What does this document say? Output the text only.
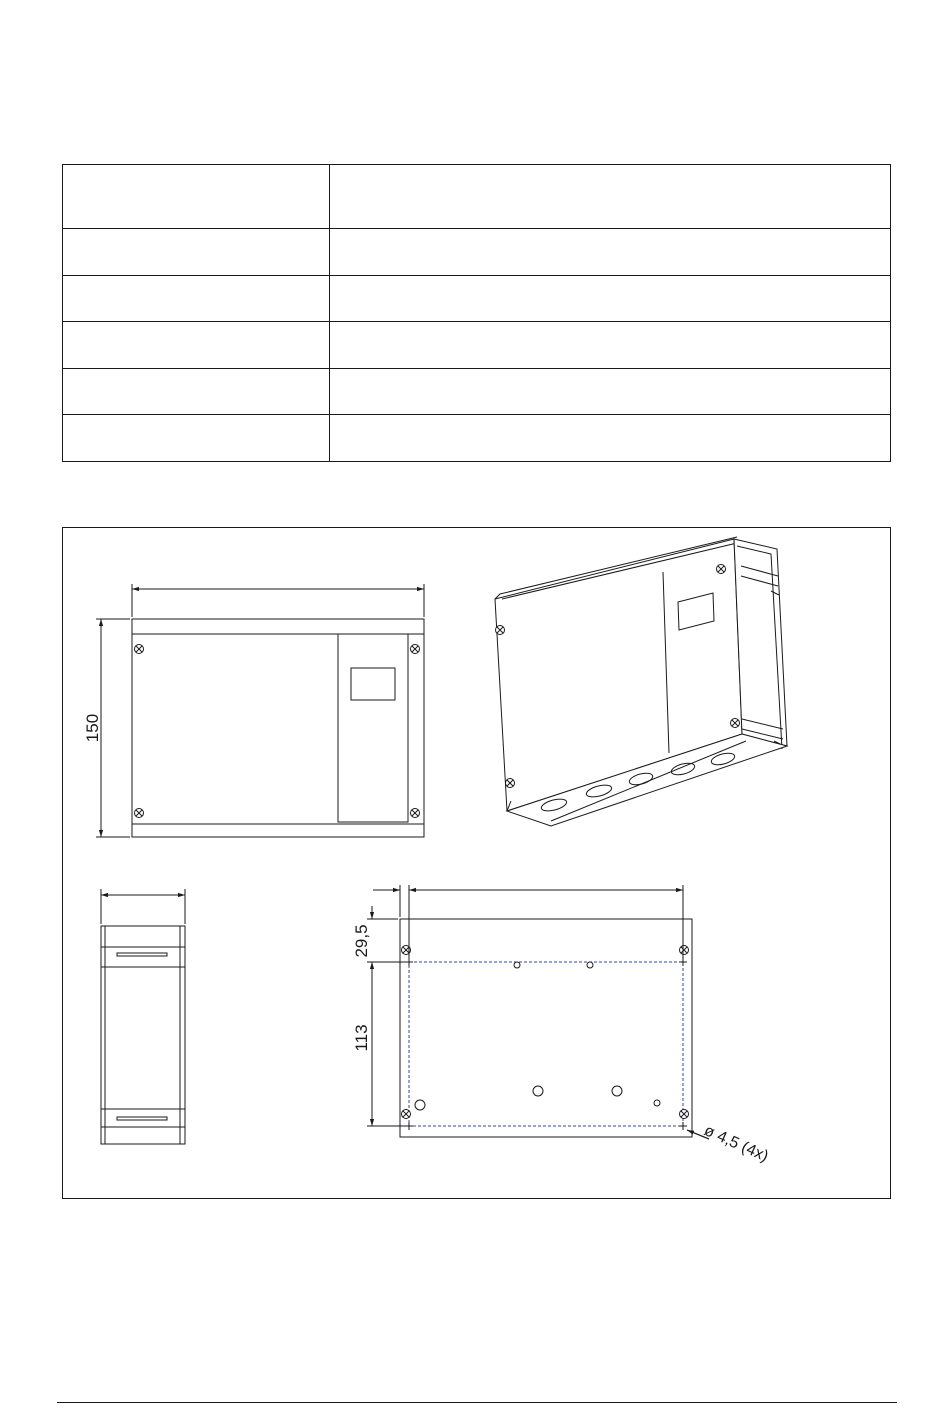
150
29,5
113
ø 4,5 (4x)
